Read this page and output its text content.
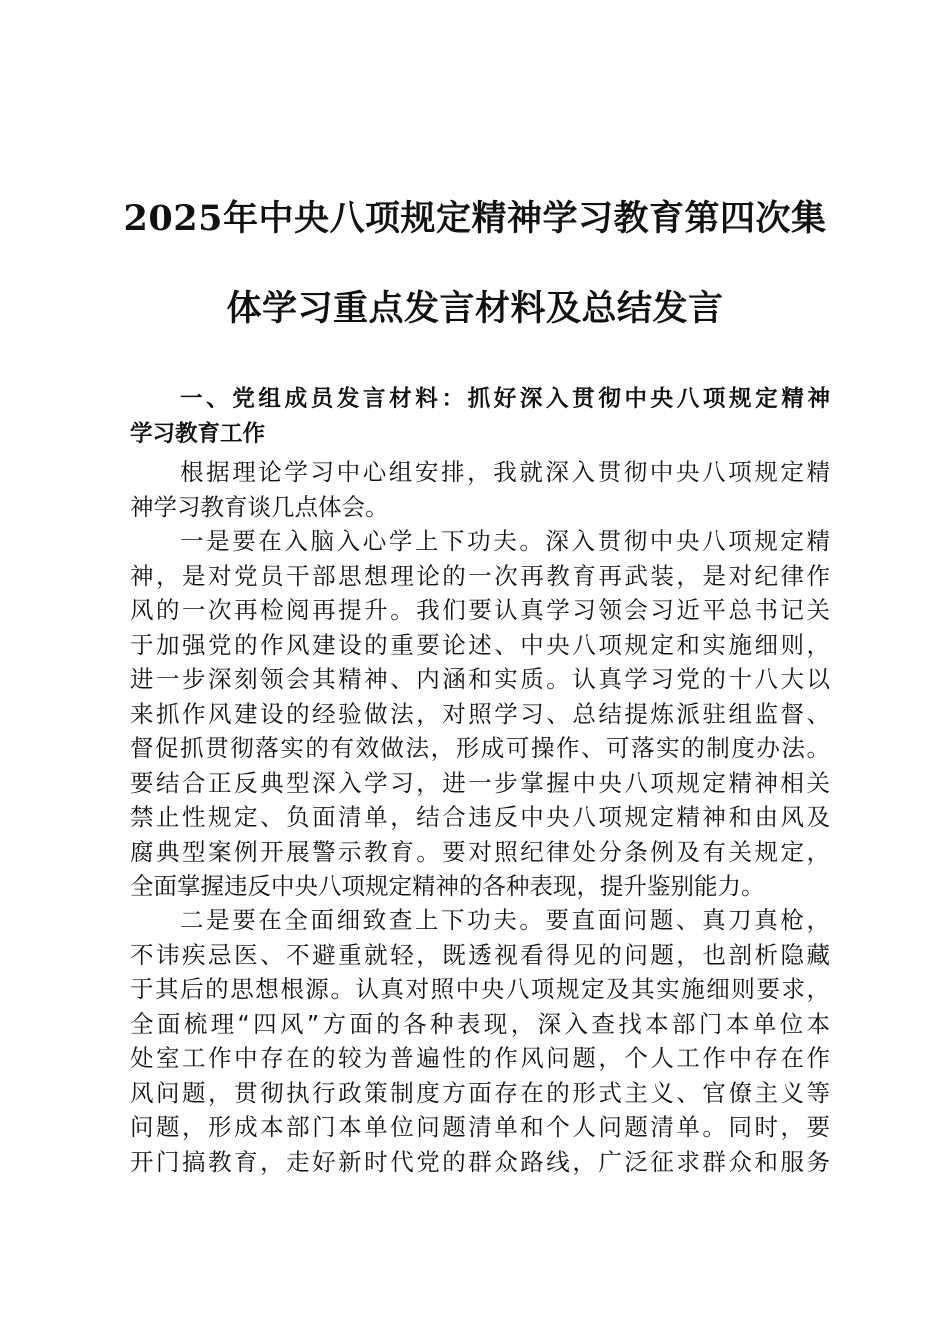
2025年中央八项规定精神学习教育第四次集
体学习重点发言材料及总结发言
一、党组成员发言材料：抓好深入贯彻中央八项规定精神
学习教育工作
根据理论学习中心组安排，我就深入贯彻中央八项规定精
神学习教育谈几点体会。
一是要在入脑入心学上下功夫。深入贯彻中央八项规定精
神，是对党员干部思想理论的一次再教育再武装，是对纪律作
风的一次再检阅再提升。我们要认真学习领会习近平总书记关
于加强党的作风建设的重要论述、中央八项规定和实施细则，
进一步深刻领会其精神、内涵和实质。认真学习党的十八大以
来抓作风建设的经验做法，对照学习、总结提炼派驻组监督、
督促抓贯彻落实的有效做法，形成可操作、可落实的制度办法。
要结合正反典型深入学习，进一步掌握中央八项规定精神相关
禁止性规定、负面清单，结合违反中央八项规定精神和由风及
腐典型案例开展警示教育。要对照纪律处分条例及有关规定，
全面掌握违反中央八项规定精神的各种表现，提升鉴别能力。
二是要在全面细致查上下功夫。要直面问题、真刀真枪，
不讳疾忌医、不避重就轻，既透视看得见的问题，也剖析隐藏
于其后的思想根源。认真对照中央八项规定及其实施细则要求，
全面梳理“四风”方面的各种表现，深入查找本部门本单位本
处室工作中存在的较为普遍性的作风问题，个人工作中存在作
风问题，贯彻执行政策制度方面存在的形式主义、官僚主义等
问题，形成本部门本单位问题清单和个人问题清单。同时，要
开门搞教育，走好新时代党的群众路线，广泛征求群众和服务
